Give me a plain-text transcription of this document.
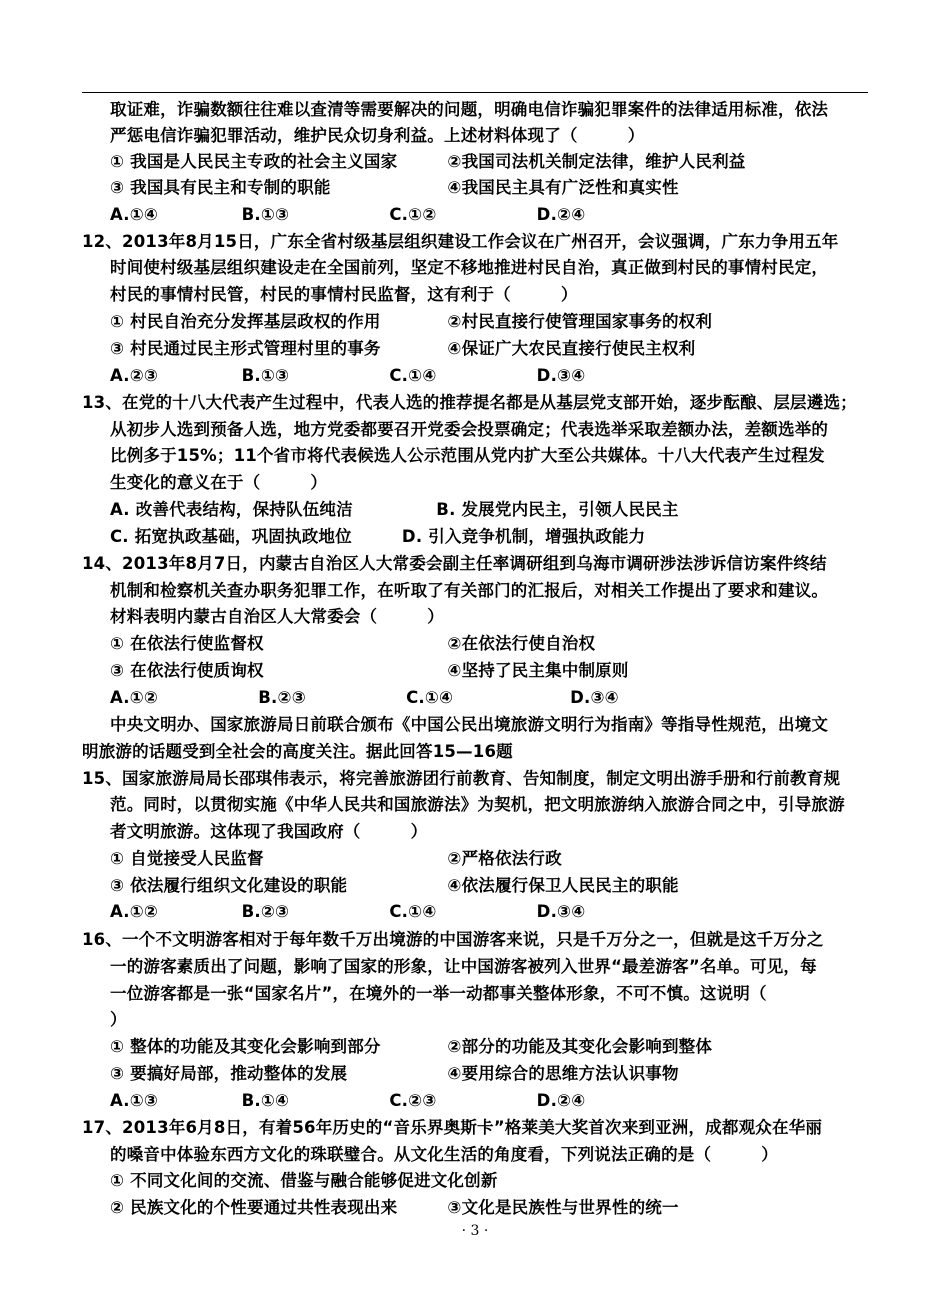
取证难，诈骗数额往往难以查清等需要解决的问题，明确电信诈骗犯罪案件的法律适用标准，依法
严惩电信诈骗犯罪活动，维护民众切身利益。上述材料体现了（　　　）
① 我国是人民民主专政的社会主义国家　　　②我国司法机关制定法律，维护人民利益
③ 我国具有民主和专制的职能　　　　　　　④我国民主具有广泛性和真实性
A.①④　　　　　B.①③　　　　　　C.①②　　　　　　D.②④
12、2013年8月15日，广东全省村级基层组织建设工作会议在广州召开，会议强调，广东力争用五年
时间使村级基层组织建设走在全国前列，坚定不移地推进村民自治，真正做到村民的事情村民定，
村民的事情村民管，村民的事情村民监督，这有利于（　　　）
① 村民自治充分发挥基层政权的作用　　　　②村民直接行使管理国家事务的权利
③ 村民通过民主形式管理村里的事务　　　　④保证广大农民直接行使民主权利
A.②③　　　　　B.①③　　　　　　C.①④　　　　　　D.③④
13、在党的十八大代表产生过程中，代表人选的推荐提名都是从基层党支部开始，逐步酝酿、层层遴选；
从初步人选到预备人选，地方党委都要召开党委会投票确定；代表选举采取差额办法，差额选举的
比例多于15%；11个省市将代表候选人公示范围从党内扩大至公共媒体。十八大代表产生过程发
生变化的意义在于（　　　）
A. 改善代表结构，保持队伍纯洁　　　　　B. 发展党内民主，引领人民民主
C. 拓宽执政基础，巩固执政地位　　　D. 引入竞争机制，增强执政能力
14、2013年8月7日，内蒙古自治区人大常委会副主任率调研组到乌海市调研涉法涉诉信访案件终结
机制和检察机关查办职务犯罪工作，在听取了有关部门的汇报后，对相关工作提出了要求和建议。
材料表明内蒙古自治区人大常委会（　　　）
① 在依法行使监督权　　　　　　　　　　　②在依法行使自治权
③ 在依法行使质询权　　　　　　　　　　　④坚持了民主集中制原则
A.①②　　　　　　B.②③　　　　　　C.①④　　　　　　　D.③④
中央文明办、国家旅游局日前联合颁布《中国公民出境旅游文明行为指南》等指导性规范，出境文
明旅游的话题受到全社会的高度关注。据此回答15—16题
15、国家旅游局局长邵琪伟表示，将完善旅游团行前教育、告知制度，制定文明出游手册和行前教育规
范。同时，以贯彻实施《中华人民共和国旅游法》为契机，把文明旅游纳入旅游合同之中，引导旅游
者文明旅游。这体现了我国政府（　　　）
① 自觉接受人民监督　　　　　　　　　　　②严格依法行政
③ 依法履行组织文化建设的职能　　　　　　④依法履行保卫人民民主的职能
A.①②　　　　　B.②③　　　　　　C.①④　　　　　　D.③④
16、一个不文明游客相对于每年数千万出境游的中国游客来说，只是千万分之一，但就是这千万分之
一的游客素质出了问题，影响了国家的形象，让中国游客被列入世界“最差游客”名单。可见，每
一位游客都是一张“国家名片”，在境外的一举一动都事关整体形象，不可不慎。这说明（
）
① 整体的功能及其变化会影响到部分　　　　②部分的功能及其变化会影响到整体
③ 要搞好局部，推动整体的发展　　　　　　④要用综合的思维方法认识事物
A.①③　　　　　B.①④　　　　　　C.②③　　　　　　D.②④
17、2013年6月8日，有着56年历史的“音乐界奥斯卡”格莱美大奖首次来到亚洲，成都观众在华丽
的嗓音中体验东西方文化的珠联璧合。从文化生活的角度看，下列说法正确的是（　　　）
① 不同文化间的交流、借鉴与融合能够促进文化创新
② 民族文化的个性要通过共性表现出来　　　③文化是民族性与世界性的统一
· 3 ·
